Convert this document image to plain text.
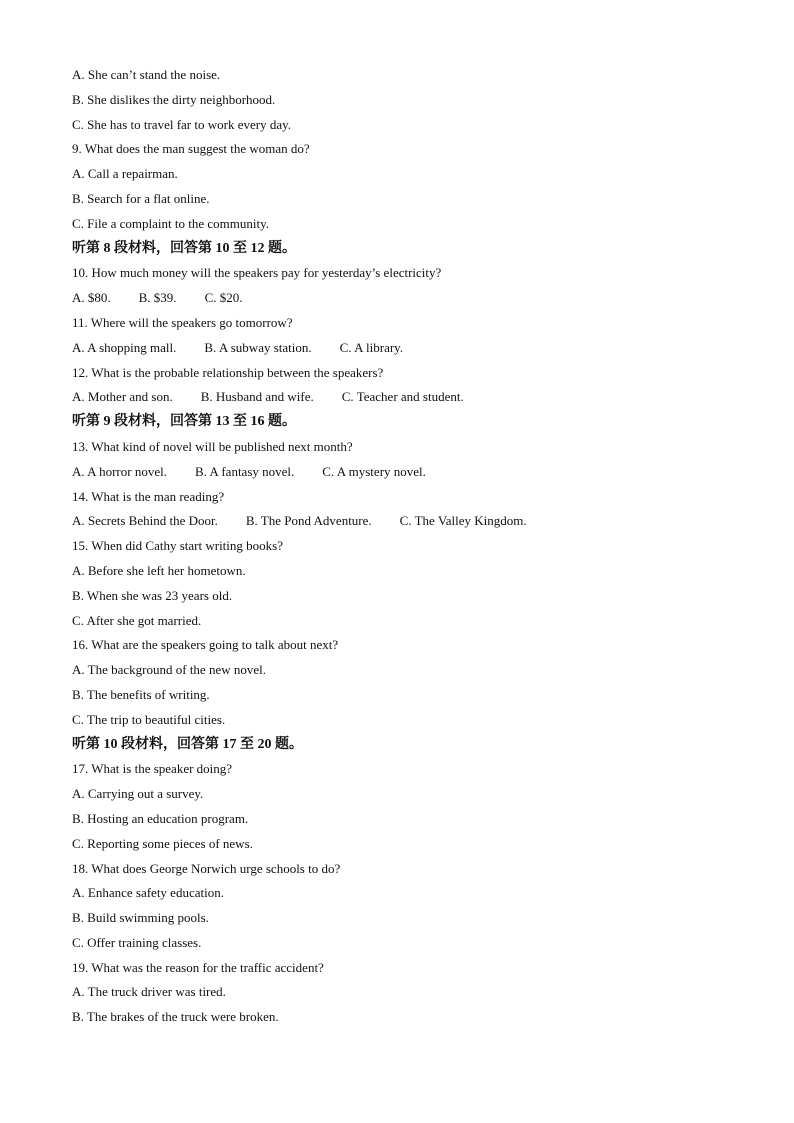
A. She can’t stand the noise.
B. She dislikes the dirty neighborhood.
C. She has to travel far to work every day.
9. What does the man suggest the woman do?
A. Call a repairman.
B. Search for a flat online.
C. File a complaint to the community.
听第 8 段材料，回答第 10 至 12 题。
10. How much money will the speakers pay for yesterday’s electricity?
A. $80. B. $39. C. $20.
11. Where will the speakers go tomorrow?
A. A shopping mall. B. A subway station. C. A library.
12. What is the probable relationship between the speakers?
A. Mother and son. B. Husband and wife. C. Teacher and student.
听第 9 段材料，回答第 13 至 16 题。
13. What kind of novel will be published next month?
A. A horror novel. B. A fantasy novel. C. A mystery novel.
14. What is the man reading?
A. Secrets Behind the Door. B. The Pond Adventure. C. The Valley Kingdom.
15. When did Cathy start writing books?
A. Before she left her hometown.
B. When she was 23 years old.
C. After she got married.
16. What are the speakers going to talk about next?
A. The background of the new novel.
B. The benefits of writing.
C. The trip to beautiful cities.
听第 10 段材料，回答第 17 至 20 题。
17. What is the speaker doing?
A. Carrying out a survey.
B. Hosting an education program.
C. Reporting some pieces of news.
18. What does George Norwich urge schools to do?
A. Enhance safety education.
B. Build swimming pools.
C. Offer training classes.
19. What was the reason for the traffic accident?
A. The truck driver was tired.
B. The brakes of the truck were broken.
